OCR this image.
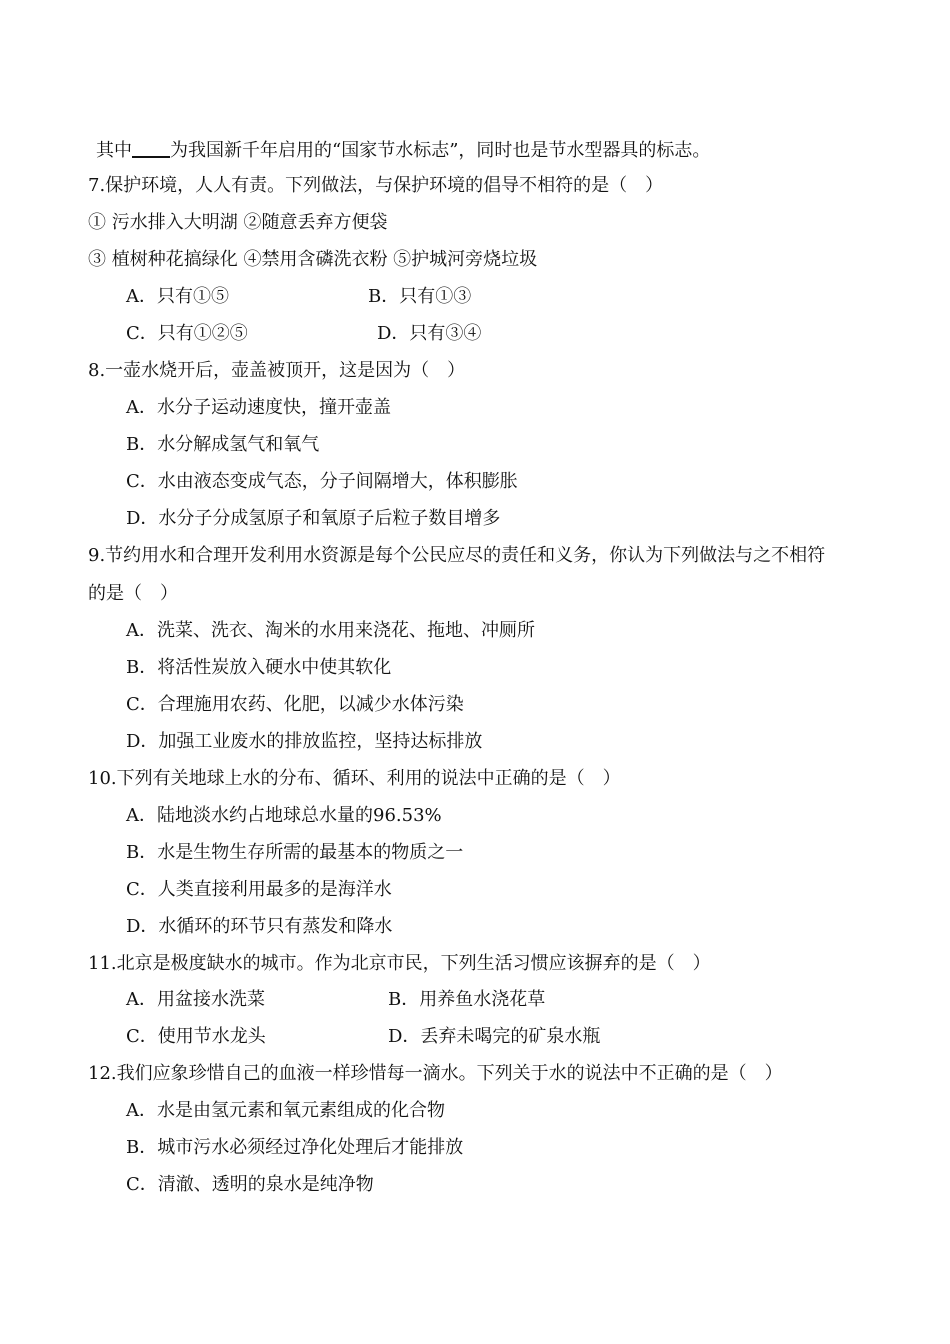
其中 为我国新千年启用的“国家节水标志”，同时也是节水型器具的标志。
7.保护环境，人人有责。下列做法，与保护环境的倡导不相符的是（　）
① 污水排入大明湖 ②随意丢弃方便袋
③ 植树种花搞绿化 ④禁用含磷洗衣粉 ⑤护城河旁烧垃圾
A．只有①⑤	B．只有①③
C．只有①②⑤	D．只有③④
8.一壶水烧开后，壶盖被顶开，这是因为（　）
A．水分子运动速度快，撞开壶盖
B．水分解成氢气和氧气
C．水由液态变成气态，分子间隔增大，体积膨胀
D．水分子分成氢原子和氧原子后粒子数目增多
9.节约用水和合理开发利用水资源是每个公民应尽的责任和义务，你认为下列做法与之不相符
的是（　）
A．洗菜、洗衣、淘米的水用来浇花、拖地、冲厕所
B．将活性炭放入硬水中使其软化
C．合理施用农药、化肥，以减少水体污染
D．加强工业废水的排放监控，坚持达标排放
10.下列有关地球上水的分布、循环、利用的说法中正确的是（　）
A．陆地淡水约占地球总水量的96.53%
B．水是生物生存所需的最基本的物质之一
C．人类直接利用最多的是海洋水
D．水循环的环节只有蒸发和降水
11.北京是极度缺水的城市。作为北京市民，下列生活习惯应该摒弃的是（　）
A．用盆接水洗菜	B．用养鱼水浇花草
C．使用节水龙头	D．丢弃未喝完的矿泉水瓶
12.我们应象珍惜自己的血液一样珍惜每一滴水。下列关于水的说法中不正确的是（　）
A．水是由氢元素和氧元素组成的化合物
B．城市污水必须经过净化处理后才能排放
C．清澈、透明的泉水是纯净物
